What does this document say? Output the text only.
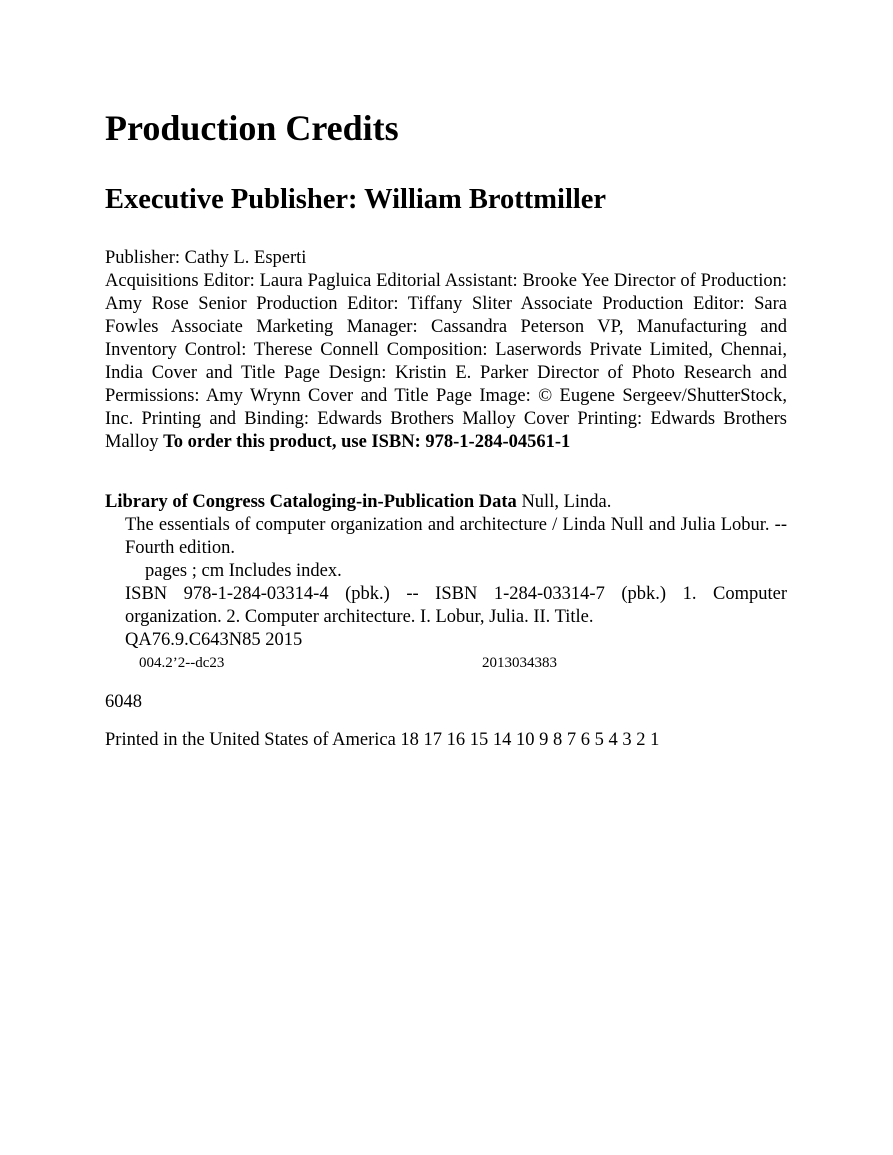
Production Credits
Executive Publisher: William Brottmiller
Publisher: Cathy L. Esperti
Acquisitions Editor: Laura Pagluica Editorial Assistant: Brooke Yee Director of Production: Amy Rose Senior Production Editor: Tiffany Sliter Associate Production Editor: Sara Fowles Associate Marketing Manager: Cassandra Peterson VP, Manufacturing and Inventory Control: Therese Connell Composition: Laserwords Private Limited, Chennai, India Cover and Title Page Design: Kristin E. Parker Director of Photo Research and Permissions: Amy Wrynn Cover and Title Page Image: © Eugene Sergeev/ShutterStock, Inc. Printing and Binding: Edwards Brothers Malloy Cover Printing: Edwards Brothers Malloy To order this product, use ISBN: 978-1-284-04561-1
Library of Congress Cataloging-in-Publication Data Null, Linda.
The essentials of computer organization and architecture / Linda Null and Julia Lobur. -- Fourth edition.
pages ; cm Includes index.
ISBN 978-1-284-03314-4 (pbk.) -- ISBN 1-284-03314-7 (pbk.) 1. Computer organization. 2. Computer architecture. I. Lobur, Julia. II. Title.
QA76.9.C643N85 2015
004.2’2--dc23	2013034383
6048
Printed in the United States of America 18 17 16 15 14 10 9 8 7 6 5 4 3 2 1
